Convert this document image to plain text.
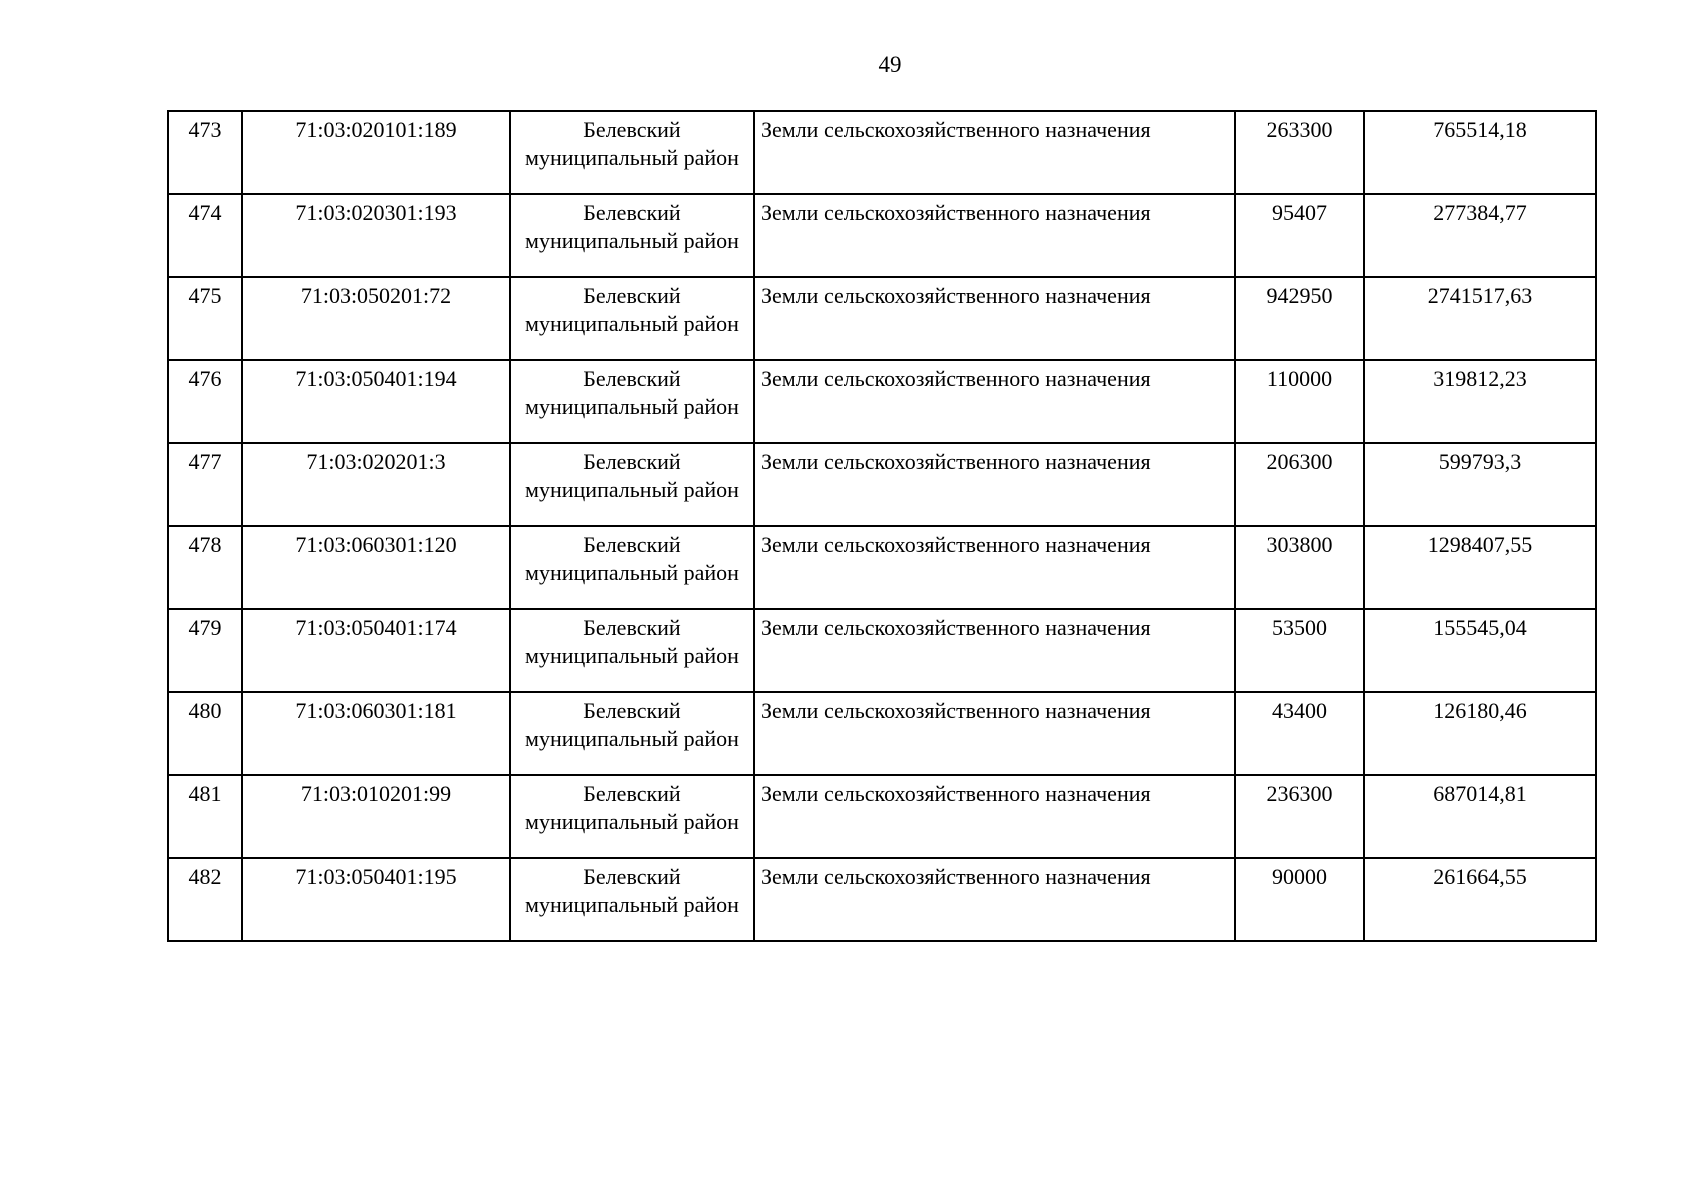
49
473	71:03:020101:189	Белевский муниципальный район	Земли сельскохозяйственного назначения	263300	765514,18
474	71:03:020301:193	Белевский муниципальный район	Земли сельскохозяйственного назначения	95407	277384,77
475	71:03:050201:72	Белевский муниципальный район	Земли сельскохозяйственного назначения	942950	2741517,63
476	71:03:050401:194	Белевский муниципальный район	Земли сельскохозяйственного назначения	110000	319812,23
477	71:03:020201:3	Белевский муниципальный район	Земли сельскохозяйственного назначения	206300	599793,3
478	71:03:060301:120	Белевский муниципальный район	Земли сельскохозяйственного назначения	303800	1298407,55
479	71:03:050401:174	Белевский муниципальный район	Земли сельскохозяйственного назначения	53500	155545,04
480	71:03:060301:181	Белевский муниципальный район	Земли сельскохозяйственного назначения	43400	126180,46
481	71:03:010201:99	Белевский муниципальный район	Земли сельскохозяйственного назначения	236300	687014,81
482	71:03:050401:195	Белевский муниципальный район	Земли сельскохозяйственного назначения	90000	261664,55
